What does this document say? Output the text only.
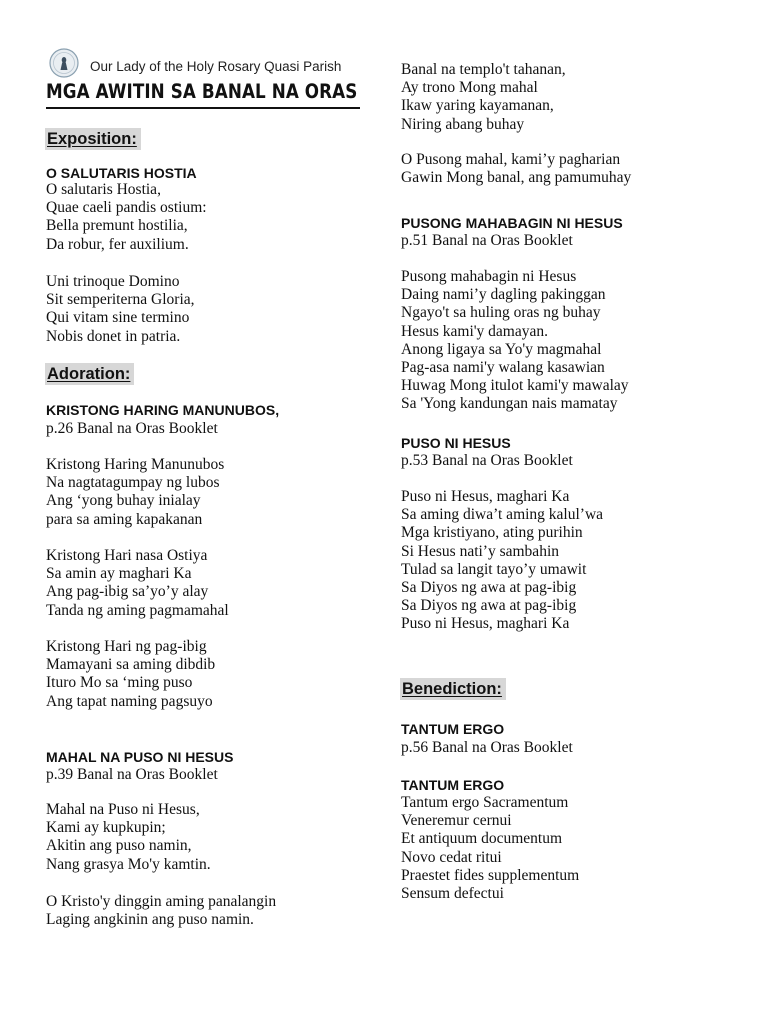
Our Lady of the Holy Rosary Quasi Parish
MGA AWITIN SA BANAL NA ORAS
Exposition:
O SALUTARIS HOSTIA
O salutaris Hostia,
Quae caeli pandis ostium:
Bella premunt hostilia,
Da robur, fer auxilium.
Uni trinoque Domino
Sit semperiterna Gloria,
Qui vitam sine termino
Nobis donet in patria.
Adoration:
KRISTONG HARING MANUNUBOS,
p.26 Banal na Oras Booklet
Kristong Haring Manunubos
Na nagtatagumpay ng lubos
Ang ‘yong buhay inialay
para sa aming kapakanan
Kristong Hari nasa Ostiya
Sa amin ay maghari Ka
Ang pag-ibig sa’yo’y alay
Tanda ng aming pagmamahal
Kristong Hari ng pag-ibig
Mamayani sa aming dibdib
Ituro Mo sa ‘ming puso
Ang tapat naming pagsuyo
MAHAL NA PUSO NI HESUS
p.39 Banal na Oras Booklet
Mahal na Puso ni Hesus,
Kami ay kupkupin;
Akitin ang puso namin,
Nang grasya Mo'y kamtin.
O Kristo'y dinggin aming panalangin
Laging angkinin ang puso namin.
Banal na templo't tahanan,
Ay trono Mong mahal
Ikaw yaring kayamanan,
Niring abang buhay
O Pusong mahal, kami’y pagharian
Gawin Mong banal, ang pamumuhay
PUSONG MAHABAGIN NI HESUS
p.51 Banal na Oras Booklet
Pusong mahabagin ni Hesus
Daing nami’y dagling pakinggan
Ngayo't sa huling oras ng buhay
Hesus kami'y damayan.
Anong ligaya sa Yo'y magmahal
Pag-asa nami'y walang kasawian
Huwag Mong itulot kami'y mawalay
Sa 'Yong kandungan nais mamatay
PUSO NI HESUS
p.53 Banal na Oras Booklet
Puso ni Hesus, maghari Ka
Sa aming diwa’t aming kalul’wa
Mga kristiyano, ating purihin
Si Hesus nati’y sambahin
Tulad sa langit tayo’y umawit
Sa Diyos ng awa at pag-ibig
Sa Diyos ng awa at pag-ibig
Puso ni Hesus, maghari Ka
Benediction:
TANTUM ERGO
p.56 Banal na Oras Booklet
TANTUM ERGO
Tantum ergo Sacramentum
Veneremur cernui
Et antiquum documentum
Novo cedat ritui
Praestet fides supplementum
Sensum defectui
